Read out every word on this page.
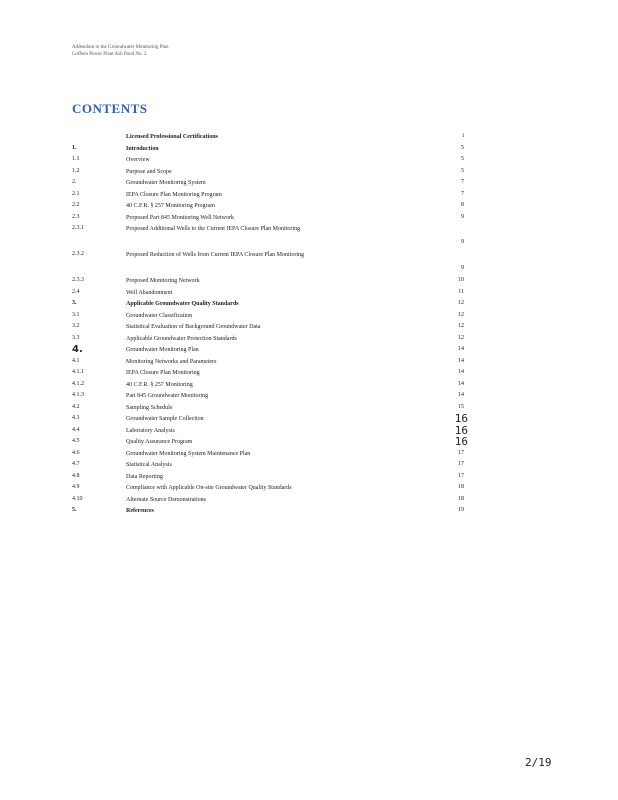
Addendum to the Groundwater Monitoring Plan
Coffeen Power Plant Ash Pond No. 2
CONTENTS
Licensed Professional Certifications	i
1.	Introduction	5
1.1	Overview	5
1.2	Purpose and Scope	5
2.	Groundwater Monitoring System	7
2.1	IEPA Closure Plan Monitoring Program	7
2.2	40 C.F.R. § 257 Monitoring Program	8
2.3	Proposed Part 845 Monitoring Well Network	9
2.3.1	Proposed Additional Wells to the Current IEPA Closure Plan Monitoring
9
2.3.2	Proposed Reduction of Wells from Current IEPA Closure Plan Monitoring
9
2.3.3	Proposed Monitoring Network	10
2.4	Well Abandonment	11
3.	Applicable Groundwater Quality Standards	12
3.1	Groundwater Classification	12
3.2	Statistical Evaluation of Background Groundwater Data	12
3.3	Applicable Groundwater Protection Standards	12
4.	Groundwater Monitoring Plan	14
4.1	Monitoring Networks and Parameters	14
4.1.1	IEPA Closure Plan Monitoring	14
4.1.2	40 C.F.R. § 257 Monitoring	14
4.1.3	Part 845 Groundwater Monitoring	14
4.2	Sampling Schedule	15
4.3	Groundwater Sample Collection	16
4.4	Laboratory Analysis	16
4.5	Quality Assurance Program	16
4.6	Groundwater Monitoring System Maintenance Plan	17
4.7	Statistical Analysis	17
4.8	Data Reporting	17
4.9	Compliance with Applicable On-site Groundwater Quality Standards	18
4.10	Alternate Source Demonstrations	18
5.	References	19
2/19
